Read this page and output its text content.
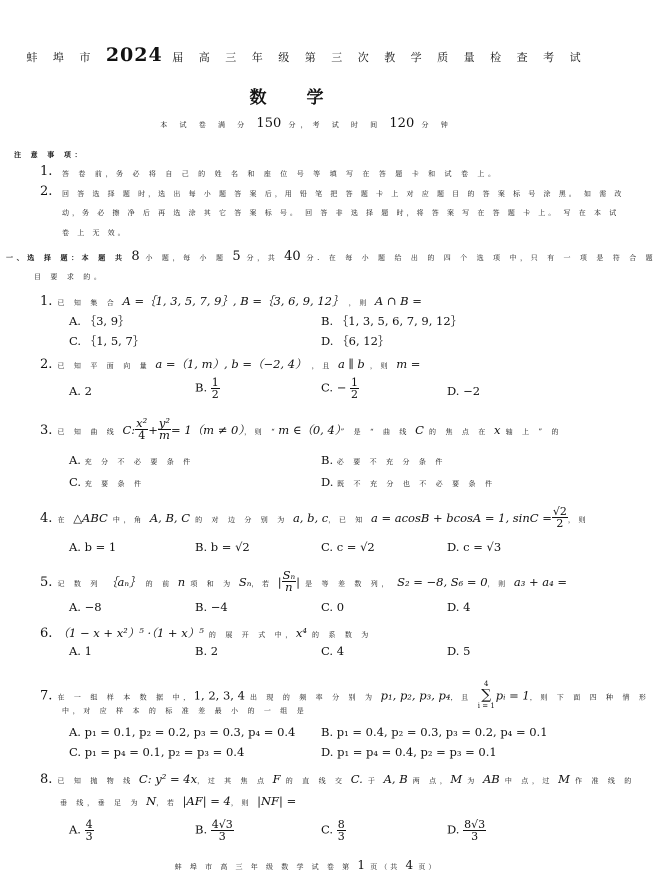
蚌 埠 市 2024 届 高 三 年 级 第 三 次 教 学 质 量 检 查 考 试
数学
本 试 卷 满 分 150 分，考 试 时 间 120 分 钟
注 意 事 项：
1. 答 卷 前，务 必 将 自 己 的 姓 名 和 座 位 号 等 填 写 在 答 题 卡 和 试 卷 上。
2. 回 答 选 择 题 时，选 出 每 小 题 答 案 后，用 铅 笔 把 答 题 卡 上 对 应 题 目 的 答 案 标 号 涂 黑。 如 需 改
动，务 必 擦 净 后 再 选 涂 其 它 答 案 标 号。 回 答 非 选 择 题 时，将 答 案 写 在 答 题 卡 上。 写 在 本 试
卷 上 无 效。
一、选 择 题：本 题 共 8 小 题，每 小 题 5 分，共 40 分. 在 每 小 题 给 出 的 四 个 选 项 中，只 有 一 项 是 符 合 题
目 要 求 的。
1. 已 知 集 合 A =｛1, 3, 5, 7, 9｝, B =｛3, 6, 9, 12｝ ，则 A ∩ B =
A. ｛3, 9｝	B. ｛1, 3, 5, 6, 7, 9, 12｝
C. ｛1, 5, 7｝	D. ｛6, 12｝
2. 已 知 平 面 向 量 a =（1, m）, b =（−2, 4） ，且 a ∥ b ，则 m =
A. 2	B. $\frac{1}{2}$	C. − $\frac{1}{2}$	D. −2
3. 已 知 曲 线 C: $\frac{\text{x²}}{4} + \frac{\text{y²}}{m} = 1(m \ne 0)$，则 “m ∈（0, 4）” 是 “ 曲 线 C 的 焦 点 在 x 轴 上 ” 的
A. 充 分 不 必 要 条 件	B. 必 要 不 充 分 条 件
C. 充 要 条 件	D. 既 不 充 分 也 不 必 要 条 件
4. 在 △ABC 中，角 A, B, C 的 对 边 分 别 为 a, b, c，已 知 a = acosB + bcosA = 1, $\sin C = \frac{√2}{2}$ ，则
A. b = 1	B. b = √2	C. c = √2	D. c = √3
5. 记 数 列 ｛aₙ｝ 的 前 n 项 和 为 Sₙ，若 | $\frac{\text{Sₙ}}{n}$ | 是 等 差 数 列， S₂ = −8, S₆ = 0，则 a₃ + a₄ =
A. −8	B. −4	C. 0	D. 4
6. （1 − x + x²）⁵ ·（1 + x）⁵ 的 展 开 式 中，x⁴ 的 系 数 为
A. 1	B. 2	C. 4	D. 5
7. 在 一 组 样 本 数 据 中，1, 2, 3, 4 出 现 的 频 率 分 别 为 p₁, p₂, p₃, p₄，且
4
∑
i = 1
pᵢ = 1，则 下 面 四 种 情 形
中，对 应 样 本 的 标 准 差 最 小 的 一 组 是
A. p₁ = 0.1, p₂ = 0.2, p₃ = 0.3, p₄ = 0.4 B. p₁ = 0.4, p₂ = 0.3, p₃ = 0.2, p₄ = 0.1
C. p₁ = p₄ = 0.1, p₂ = p₃ = 0.4	D. p₁ = p₄ = 0.4, p₂ = p₃ = 0.1
8. 已 知 抛 物 线 C: y² = 4x，过 其 焦 点 F 的 直 线 交 C. 于 A, B 两 点，M 为 AB 中 点，过 M 作 准 线 的
垂 线，垂 足 为 N，若 |AF| = 4，则 |NF| =
A. $\frac{4}{3}$	B. $\frac{4√3}{3}$	C. $\frac{8}{3}$	D. $\frac{8√3}{3}$
蚌 埠 市 高 三 年 级 数 学 试 卷 第 1 页（共 4 页）
